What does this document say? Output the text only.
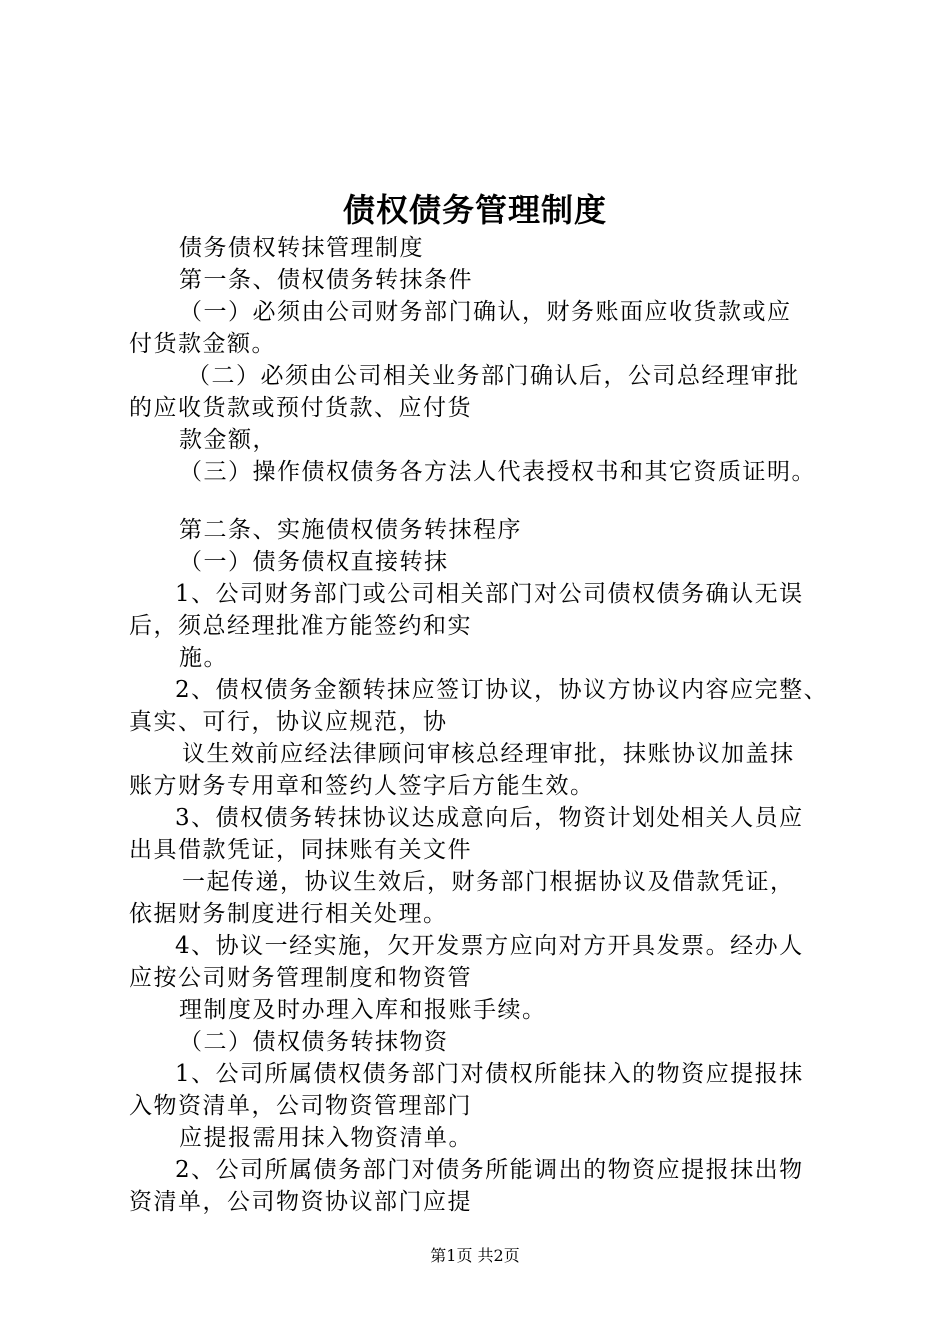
债权债务管理制度
债务债权转抹管理制度
第一条、债权债务转抹条件
（一）必须由公司财务部门确认，财务账面应收货款或应
付货款金额。
（二）必须由公司相关业务部门确认后，公司总经理审批
的应收货款或预付货款、应付货
款金额，
（三）操作债权债务各方法人代表授权书和其它资质证明。
第二条、实施债权债务转抹程序
（一）债务债权直接转抹
1、公司财务部门或公司相关部门对公司债权债务确认无误
后，须总经理批准方能签约和实
施。
2、债权债务金额转抹应签订协议，协议方协议内容应完整、
真实、可行，协议应规范，协
议生效前应经法律顾问审核总经理审批，抹账协议加盖抹
账方财务专用章和签约人签字后方能生效。
3、债权债务转抹协议达成意向后，物资计划处相关人员应
出具借款凭证，同抹账有关文件
一起传递，协议生效后，财务部门根据协议及借款凭证，
依据财务制度进行相关处理。
4、协议一经实施，欠开发票方应向对方开具发票。经办人
应按公司财务管理制度和物资管
理制度及时办理入库和报账手续。
（二）债权债务转抹物资
1、公司所属债权债务部门对债权所能抹入的物资应提报抹
入物资清单，公司物资管理部门
应提报需用抹入物资清单。
2、公司所属债务部门对债务所能调出的物资应提报抹出物
资清单，公司物资协议部门应提
第1页 共2页
